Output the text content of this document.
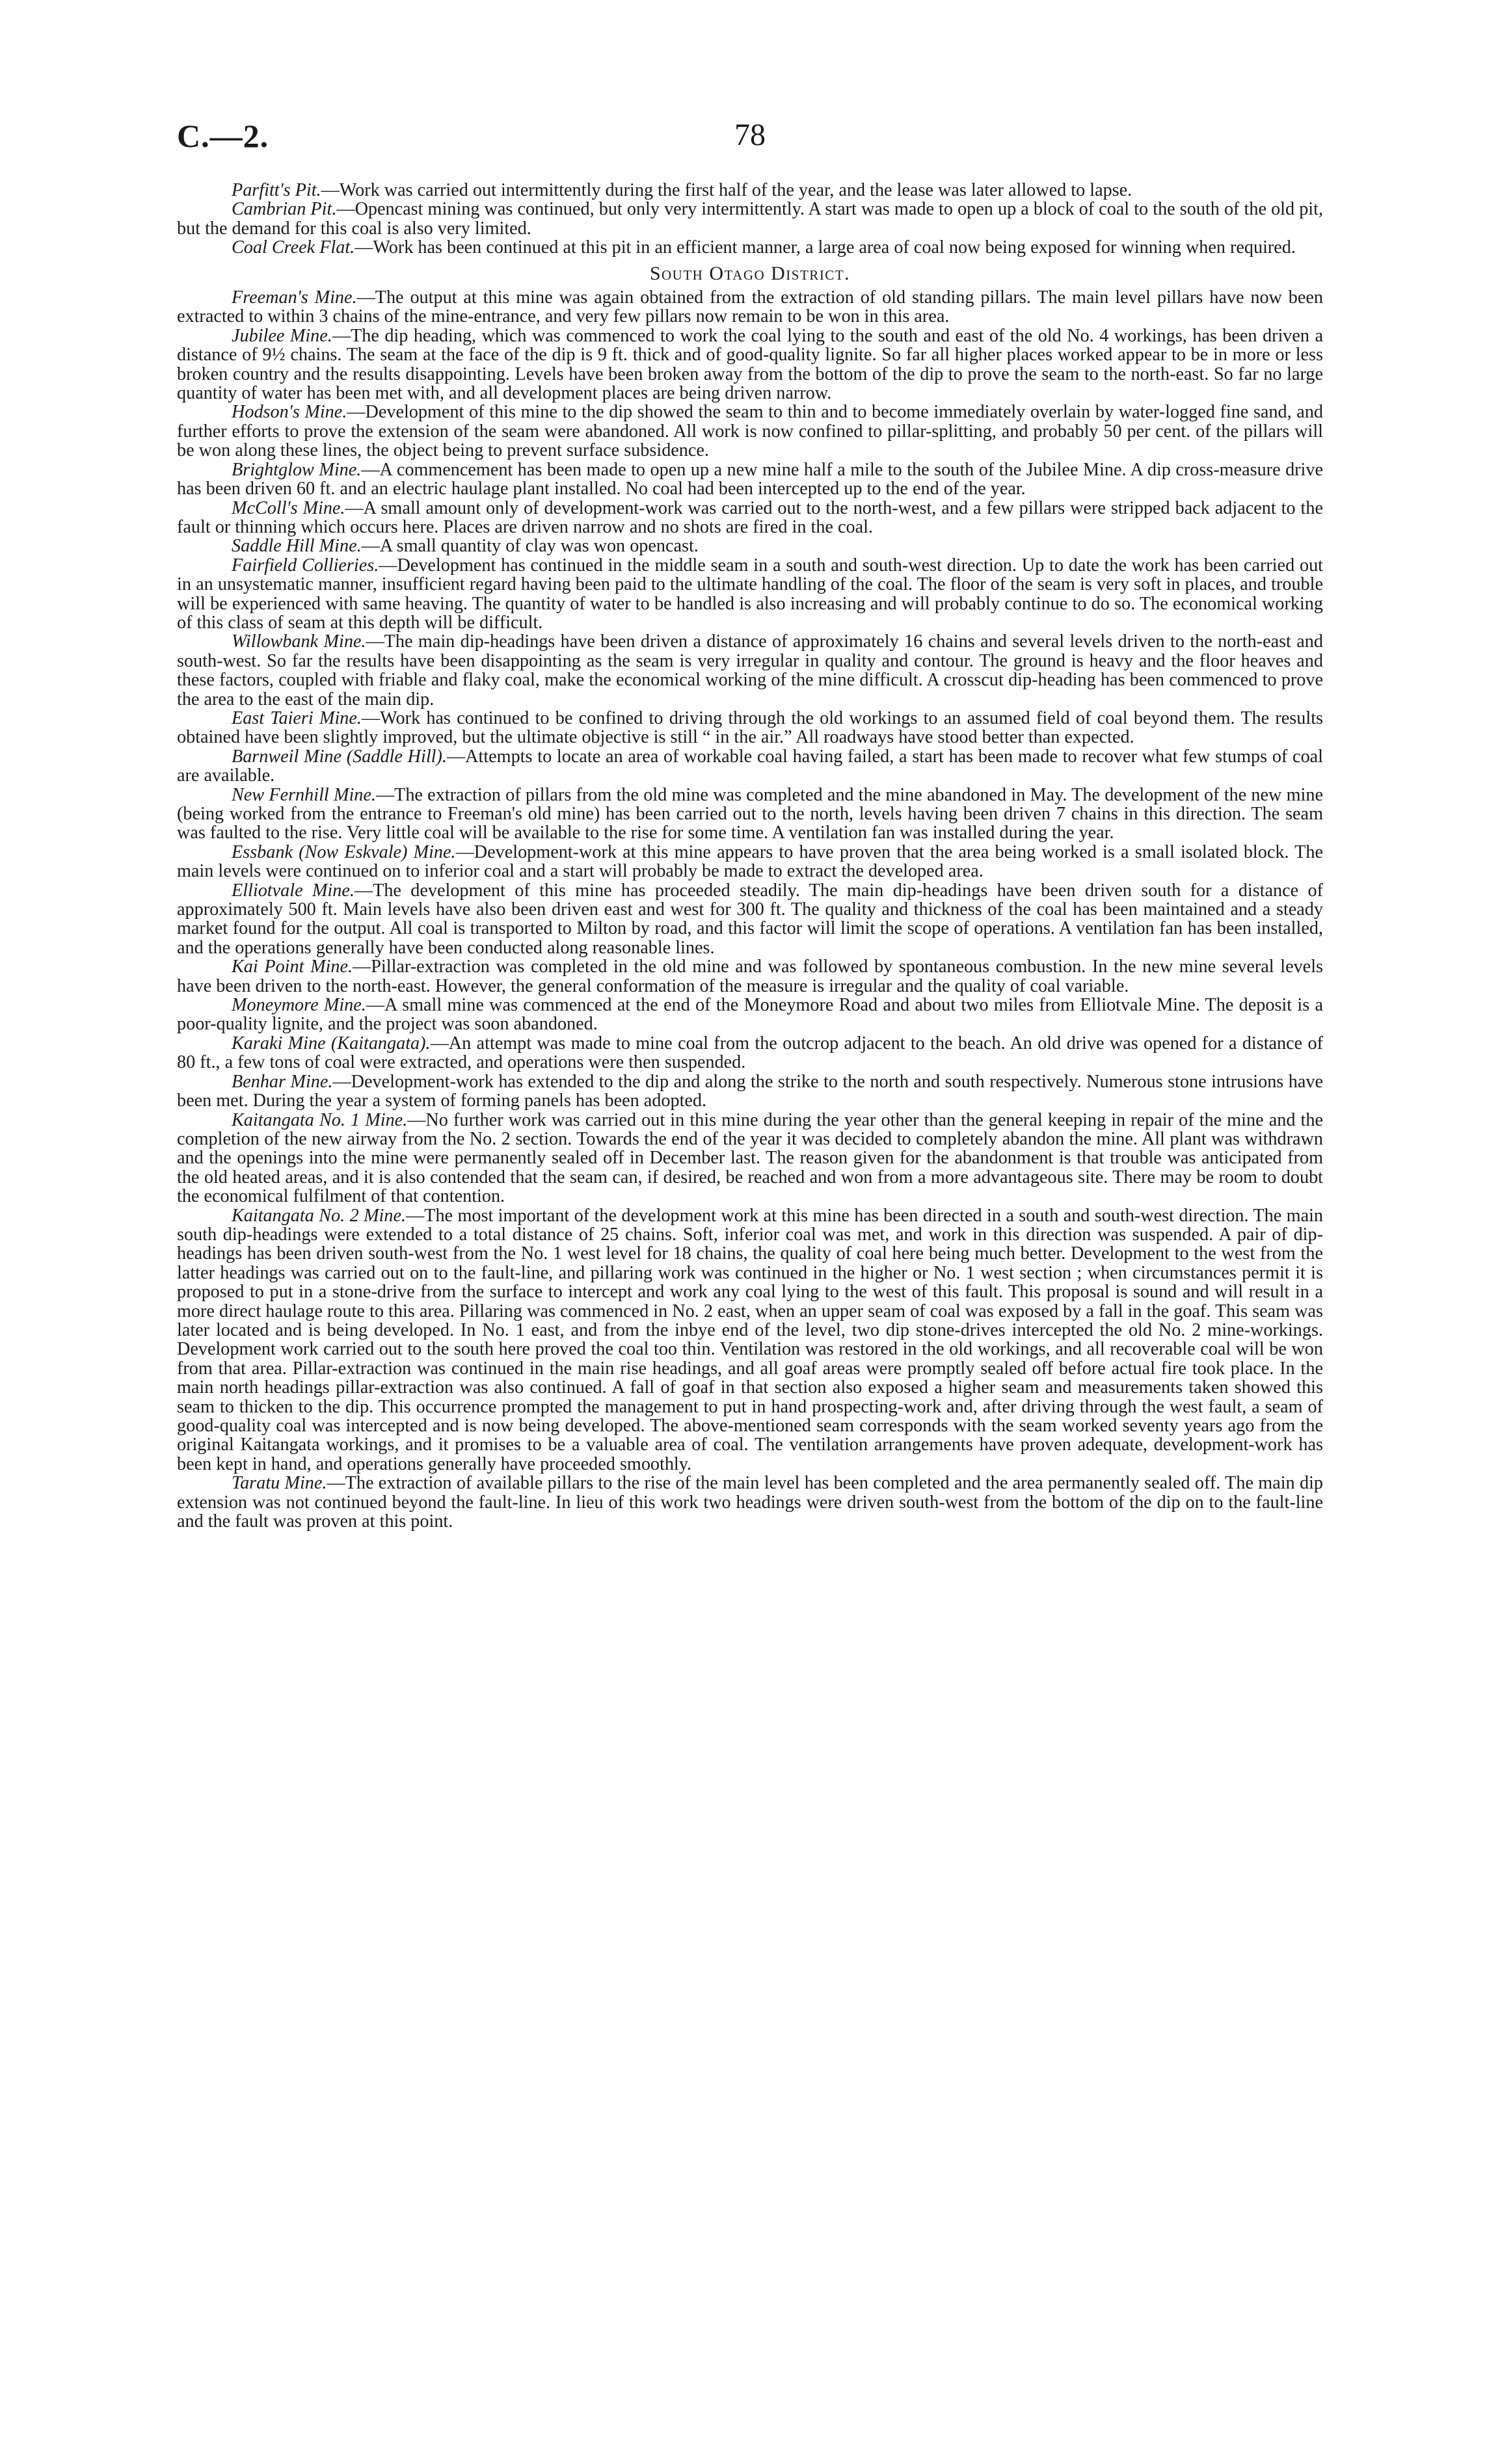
C.—2.	78

Parfitt's Pit.—Work was carried out intermittently during the first half of the year, and the lease was later allowed to lapse.

Cambrian Pit.—Opencast mining was continued, but only very intermittently. A start was made to open up a block of coal to the south of the old pit, but the demand for this coal is also very limited.

Coal Creek Flat.—Work has been continued at this pit in an efficient manner, a large area of coal now being exposed for winning when required.

South Otago District.

Freeman's Mine.—The output at this mine was again obtained from the extraction of old standing pillars. The main level pillars have now been extracted to within 3 chains of the mine-entrance, and very few pillars now remain to be won in this area.

Jubilee Mine.—The dip heading, which was commenced to work the coal lying to the south and east of the old No. 4 workings, has been driven a distance of 9½ chains. The seam at the face of the dip is 9 ft. thick and of good-quality lignite. So far all higher places worked appear to be in more or less broken country and the results disappointing. Levels have been broken away from the bottom of the dip to prove the seam to the north-east. So far no large quantity of water has been met with, and all development places are being driven narrow.

Hodson's Mine.—Development of this mine to the dip showed the seam to thin and to become immediately overlain by water-logged fine sand, and further efforts to prove the extension of the seam were abandoned. All work is now confined to pillar-splitting, and probably 50 per cent. of the pillars will be won along these lines, the object being to prevent surface subsidence.

Brightglow Mine.—A commencement has been made to open up a new mine half a mile to the south of the Jubilee Mine. A dip cross-measure drive has been driven 60 ft. and an electric haulage plant installed. No coal had been intercepted up to the end of the year.

McColl's Mine.—A small amount only of development-work was carried out to the north-west, and a few pillars were stripped back adjacent to the fault or thinning which occurs here. Places are driven narrow and no shots are fired in the coal.

Saddle Hill Mine.—A small quantity of clay was won opencast.

Fairfield Collieries.—Development has continued in the middle seam in a south and south-west direction. Up to date the work has been carried out in an unsystematic manner, insufficient regard having been paid to the ultimate handling of the coal. The floor of the seam is very soft in places, and trouble will be experienced with same heaving. The quantity of water to be handled is also increasing and will probably continue to do so. The economical working of this class of seam at this depth will be difficult.

Willowbank Mine.—The main dip-headings have been driven a distance of approximately 16 chains and several levels driven to the north-east and south-west. So far the results have been disappointing as the seam is very irregular in quality and contour. The ground is heavy and the floor heaves and these factors, coupled with friable and flaky coal, make the economical working of the mine difficult. A crosscut dip-heading has been commenced to prove the area to the east of the main dip.

East Taieri Mine.—Work has continued to be confined to driving through the old workings to an assumed field of coal beyond them. The results obtained have been slightly improved, but the ultimate objective is still “ in the air.” All roadways have stood better than expected.

Barnweil Mine (Saddle Hill).—Attempts to locate an area of workable coal having failed, a start has been made to recover what few stumps of coal are available.

New Fernhill Mine.—The extraction of pillars from the old mine was completed and the mine abandoned in May. The development of the new mine (being worked from the entrance to Freeman's old mine) has been carried out to the north, levels having been driven 7 chains in this direction. The seam was faulted to the rise. Very little coal will be available to the rise for some time. A ventilation fan was installed during the year.

Essbank (Now Eskvale) Mine.—Development-work at this mine appears to have proven that the area being worked is a small isolated block. The main levels were continued on to inferior coal and a start will probably be made to extract the developed area.

Elliotvale Mine.—The development of this mine has proceeded steadily. The main dip-headings have been driven south for a distance of approximately 500 ft. Main levels have also been driven east and west for 300 ft. The quality and thickness of the coal has been maintained and a steady market found for the output. All coal is transported to Milton by road, and this factor will limit the scope of operations. A ventilation fan has been installed, and the operations generally have been conducted along reasonable lines.

Kai Point Mine.—Pillar-extraction was completed in the old mine and was followed by spontaneous combustion. In the new mine several levels have been driven to the north-east. However, the general conformation of the measure is irregular and the quality of coal variable.

Moneymore Mine.—A small mine was commenced at the end of the Moneymore Road and about two miles from Elliotvale Mine. The deposit is a poor-quality lignite, and the project was soon abandoned.

Karaki Mine (Kaitangata).—An attempt was made to mine coal from the outcrop adjacent to the beach. An old drive was opened for a distance of 80 ft., a few tons of coal were extracted, and operations were then suspended.

Benhar Mine.—Development-work has extended to the dip and along the strike to the north and south respectively. Numerous stone intrusions have been met. During the year a system of forming panels has been adopted.

Kaitangata No. 1 Mine.—No further work was carried out in this mine during the year other than the general keeping in repair of the mine and the completion of the new airway from the No. 2 section. Towards the end of the year it was decided to completely abandon the mine. All plant was withdrawn and the openings into the mine were permanently sealed off in December last. The reason given for the abandonment is that trouble was anticipated from the old heated areas, and it is also contended that the seam can, if desired, be reached and won from a more advantageous site. There may be room to doubt the economical fulfilment of that contention.

Kaitangata No. 2 Mine.—The most important of the development work at this mine has been directed in a south and south-west direction. The main south dip-headings were extended to a total distance of 25 chains. Soft, inferior coal was met, and work in this direction was suspended. A pair of dip-headings has been driven south-west from the No. 1 west level for 18 chains, the quality of coal here being much better. Development to the west from the latter headings was carried out on to the fault-line, and pillaring work was continued in the higher or No. 1 west section ; when circumstances permit it is proposed to put in a stone-drive from the surface to intercept and work any coal lying to the west of this fault. This proposal is sound and will result in a more direct haulage route to this area. Pillaring was commenced in No. 2 east, when an upper seam of coal was exposed by a fall in the goaf. This seam was later located and is being developed. In No. 1 east, and from the inbye end of the level, two dip stone-drives intercepted the old No. 2 mine-workings. Development work carried out to the south here proved the coal too thin. Ventilation was restored in the old workings, and all recoverable coal will be won from that area. Pillar-extraction was continued in the main rise headings, and all goaf areas were promptly sealed off before actual fire took place. In the main north headings pillar-extraction was also continued. A fall of goaf in that section also exposed a higher seam and measurements taken showed this seam to thicken to the dip. This occurrence prompted the management to put in hand prospecting-work and, after driving through the west fault, a seam of good-quality coal was intercepted and is now being developed. The above-mentioned seam corresponds with the seam worked seventy years ago from the original Kaitangata workings, and it promises to be a valuable area of coal. The ventilation arrangements have proven adequate, development-work has been kept in hand, and operations generally have proceeded smoothly.

Taratu Mine.—The extraction of available pillars to the rise of the main level has been completed and the area permanently sealed off. The main dip extension was not continued beyond the fault-line. In lieu of this work two headings were driven south-west from the bottom of the dip on to the fault-line and the fault was proven at this point.
